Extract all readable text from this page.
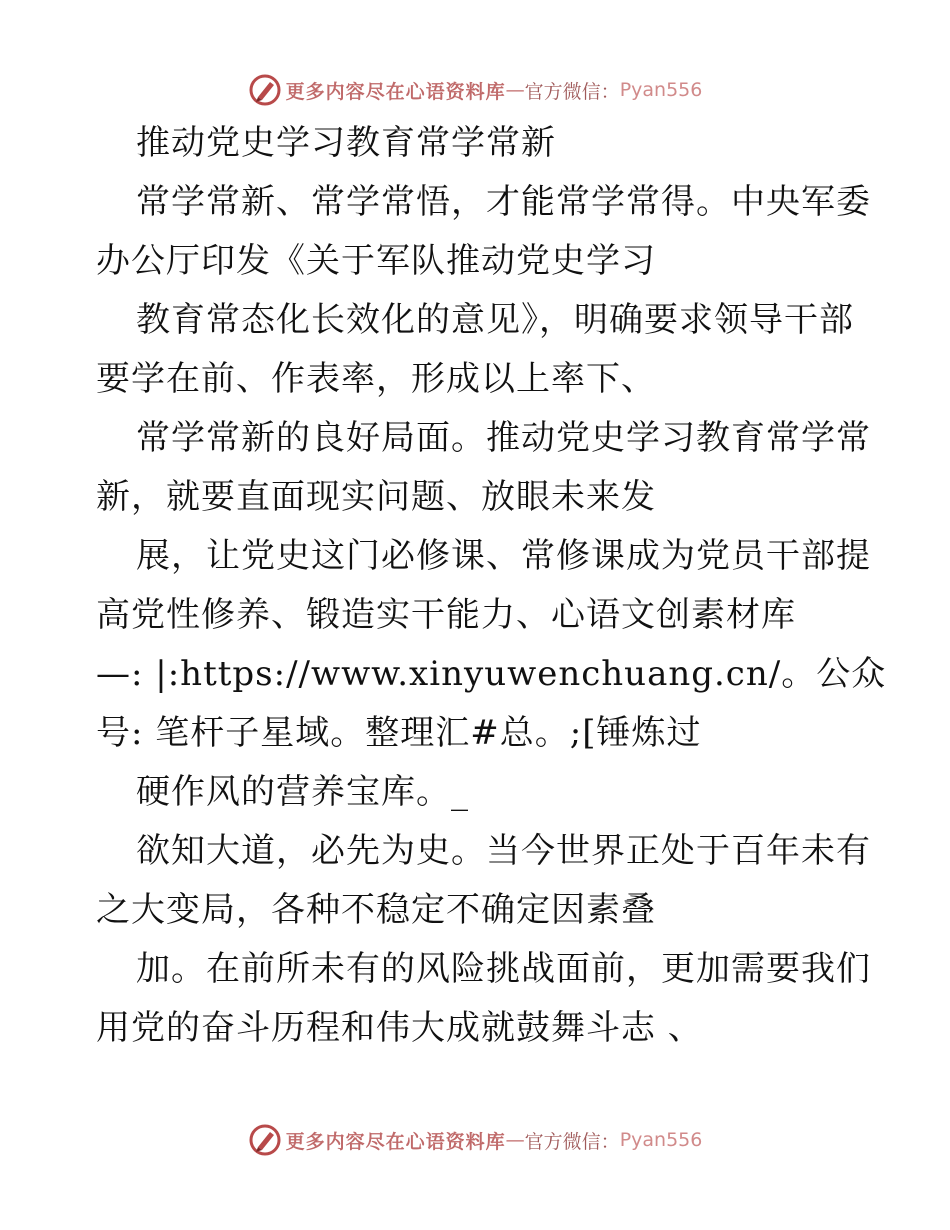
更多内容尽在心语资料库 — 官方微信： Pyan556
推动党史学习教育常学常新
常学常新、常学常悟，才能常学常得。中央军委
办公厅印发《关于军队推动党史学习
教育常态化长效化的意见》，明确要求领导干部
要学在前、作表率，形成以上率下、
常学常新的良好局面。推动党史学习教育常学常
新，就要直面现实问题、放眼未来发
展，让党史这门必修课、常修课成为党员干部提
高党性修养、锻造实干能力、心语文创素材库
—: |:https://www.xinyuwenchuang.cn/。公众
号: 笔杆子星域。整理汇#总。;[锤炼过
硬作风的营养宝库。_
欲知大道，必先为史。当今世界正处于百年未有
之大变局，各种不稳定不确定因素叠
加。在前所未有的风险挑战面前，更加需要我们
用党的奋斗历程和伟大成就鼓舞斗志 、
更多内容尽在心语资料库 — 官方微信： Pyan556
